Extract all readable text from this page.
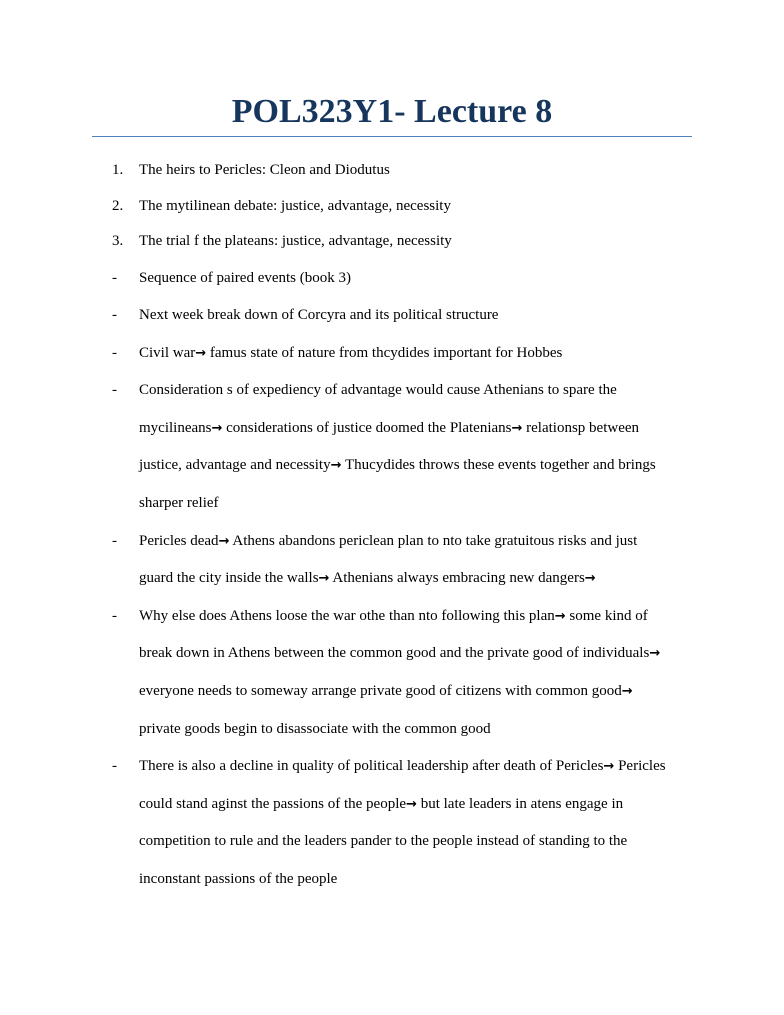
POL323Y1- Lecture 8
1.	The heirs to Pericles: Cleon and Diodutus
2.	The mytilinean debate: justice, advantage, necessity
3.	The trial f the plateans: justice, advantage, necessity
-	Sequence of paired events (book 3)
-	Next week break down of Corcyra and its political structure
-	Civil war→ famus state of nature from thcydides important for Hobbes
-	Consideration s of expediency of advantage would cause Athenians to spare the
mycilineans→ considerations of justice doomed the Platenians→ relationsp between
justice, advantage and necessity→ Thucydides throws these events together and brings
sharper relief
-	Pericles dead→ Athens abandons periclean plan to nto take gratuitous risks and just
guard the city inside the walls→ Athenians always embracing new dangers→
-	Why else does Athens loose the war othe than nto following this plan→ some kind of
break down in Athens between the common good and the private good of individuals→
everyone needs to someway arrange private good of citizens with common good→
private goods begin to disassociate with the common good
-	There is also a decline in quality of political leadership after death of Pericles→ Pericles
could stand aginst the passions of the people→ but late leaders in atens engage in
competition to rule and the leaders pander to the people instead of standing to the
inconstant passions of the people
